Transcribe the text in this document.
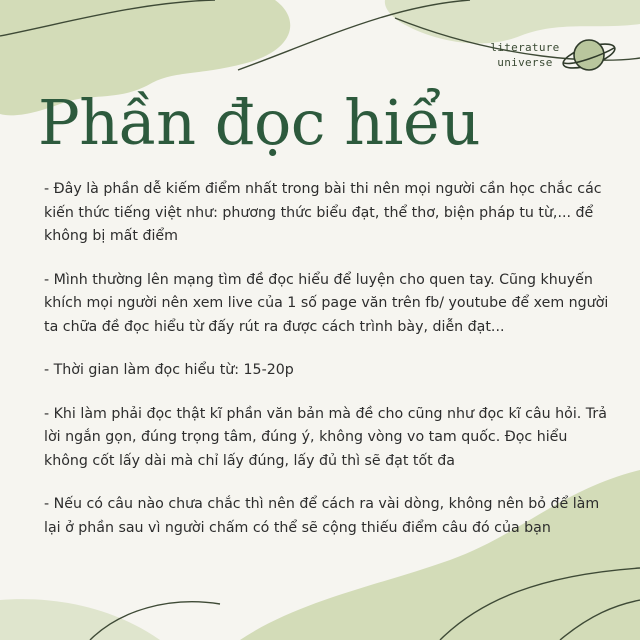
literature
universe
Phần đọc hiểu

- Đây là phần dễ kiếm điểm nhất trong bài thi nên mọi người cần học chắc các kiến thức tiếng việt như: phương thức biểu đạt, thể thơ, biện pháp tu từ,... để không bị mất điểm

- Mình thường lên mạng tìm đề đọc hiểu để luyện cho quen tay. Cũng khuyến khích mọi người nên xem live của 1 số page văn trên fb/ youtube để xem người ta chữa đề đọc hiểu từ đấy rút ra được cách trình bày, diễn đạt...

- Thời gian làm đọc hiểu từ: 15-20p

- Khi làm phải đọc thật kĩ phần văn bản mà đề cho cũng như đọc kĩ câu hỏi. Trả lời ngắn gọn, đúng trọng tâm, đúng ý, không vòng vo tam quốc. Đọc hiểu không cốt lấy dài mà chỉ lấy đúng, lấy đủ thì sẽ đạt tốt đa

- Nếu có câu nào chưa chắc thì nên để cách ra vài dòng, không nên bỏ để làm lại ở phần sau vì người chấm có thể sẽ cộng thiếu điểm câu đó của bạn
